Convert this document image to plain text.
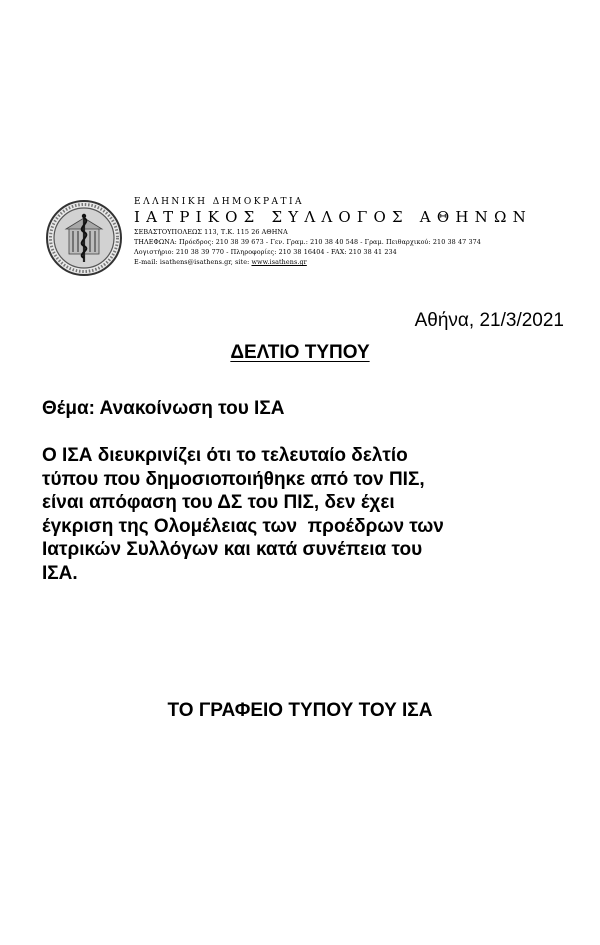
ΕΛΛΗΝΙΚΗ ΔΗΜΟΚΡΑΤΙΑ
ΙΑΤΡΙΚΟΣ ΣΥΛΛΟΓΟΣ ΑΘΗΝΩΝ
ΣΕΒΑΣΤΟΥΠΟΛΕΩΣ 113, Τ.Κ. 115 26 ΑΘΗΝΑ
ΤΗΛΕΦΩΝΑ: Πρόεδρος: 210 38 39 673 - Γεν. Γραμ.: 210 38 40 548 - Γραμ. Πειθαρχικού: 210 38 47 374
Λογιστήριο: 210 38 39 770 - Πληροφορίες: 210 38 16404 - FAX: 210 38 41 234
E-mail: isathens@isathens.gr, site: www.isathens.gr
Αθήνα, 21/3/2021
ΔΕΛΤΙΟ ΤΥΠΟΥ
Θέμα: Ανακοίνωση του ΙΣΑ
Ο ΙΣΑ διευκρινίζει ότι το τελευταίο δελτίο
τύπου που δημοσιοποιήθηκε από τον ΠΙΣ,
είναι απόφαση του ΔΣ του ΠΙΣ, δεν έχει
έγκριση της Ολομέλειας των  προέδρων των
Ιατρικών Συλλόγων και κατά συνέπεια του
ΙΣΑ.
ΤΟ ΓΡΑΦΕΙΟ ΤΥΠΟΥ ΤΟΥ ΙΣΑ
